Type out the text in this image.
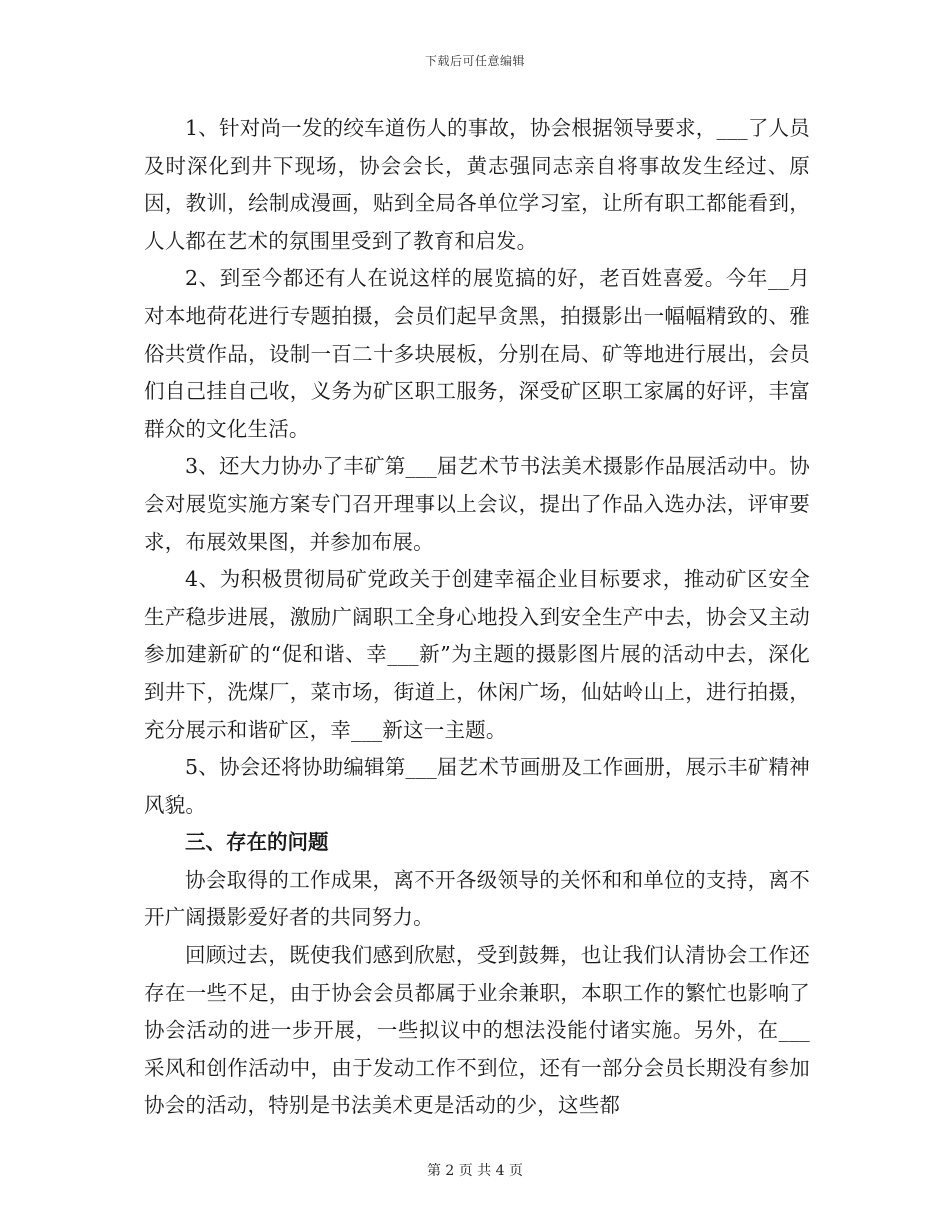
下载后可任意编辑

1、针对尚一发的绞车道伤人的事故，协会根据领导要求，___了人员及时深化到井下现场，协会会长，黄志强同志亲自将事故发生经过、原因，教训，绘制成漫画，贴到全局各单位学习室，让所有职工都能看到，人人都在艺术的氛围里受到了教育和启发。

2、到至今都还有人在说这样的展览搞的好，老百姓喜爱。今年__月对本地荷花进行专题拍摄，会员们起早贪黑，拍摄影出一幅幅精致的、雅俗共赏作品，设制一百二十多块展板，分别在局、矿等地进行展出，会员们自己挂自己收，义务为矿区职工服务，深受矿区职工家属的好评，丰富群众的文化生活。

3、还大力协办了丰矿第___届艺术节书法美术摄影作品展活动中。协会对展览实施方案专门召开理事以上会议，提出了作品入选办法，评审要求，布展效果图，并参加布展。

4、为积极贯彻局矿党政关于创建幸福企业目标要求，推动矿区安全生产稳步进展，激励广阔职工全身心地投入到安全生产中去，协会又主动参加建新矿的“促和谐、幸___新”为主题的摄影图片展的活动中去，深化到井下，洗煤厂，菜市场，街道上，休闲广场，仙姑岭山上，进行拍摄，充分展示和谐矿区，幸___新这一主题。

5、协会还将协助编辑第___届艺术节画册及工作画册，展示丰矿精神风貌。

三、存在的问题

协会取得的工作成果，离不开各级领导的关怀和和单位的支持，离不开广阔摄影爱好者的共同努力。

回顾过去，既使我们感到欣慰，受到鼓舞，也让我们认清协会工作还存在一些不足，由于协会会员都属于业余兼职，本职工作的繁忙也影响了协会活动的进一步开展，一些拟议中的想法没能付诸实施。另外，在___采风和创作活动中，由于发动工作不到位，还有一部分会员长期没有参加协会的活动，特别是书法美术更是活动的少，这些都

第 2 页 共 4 页
